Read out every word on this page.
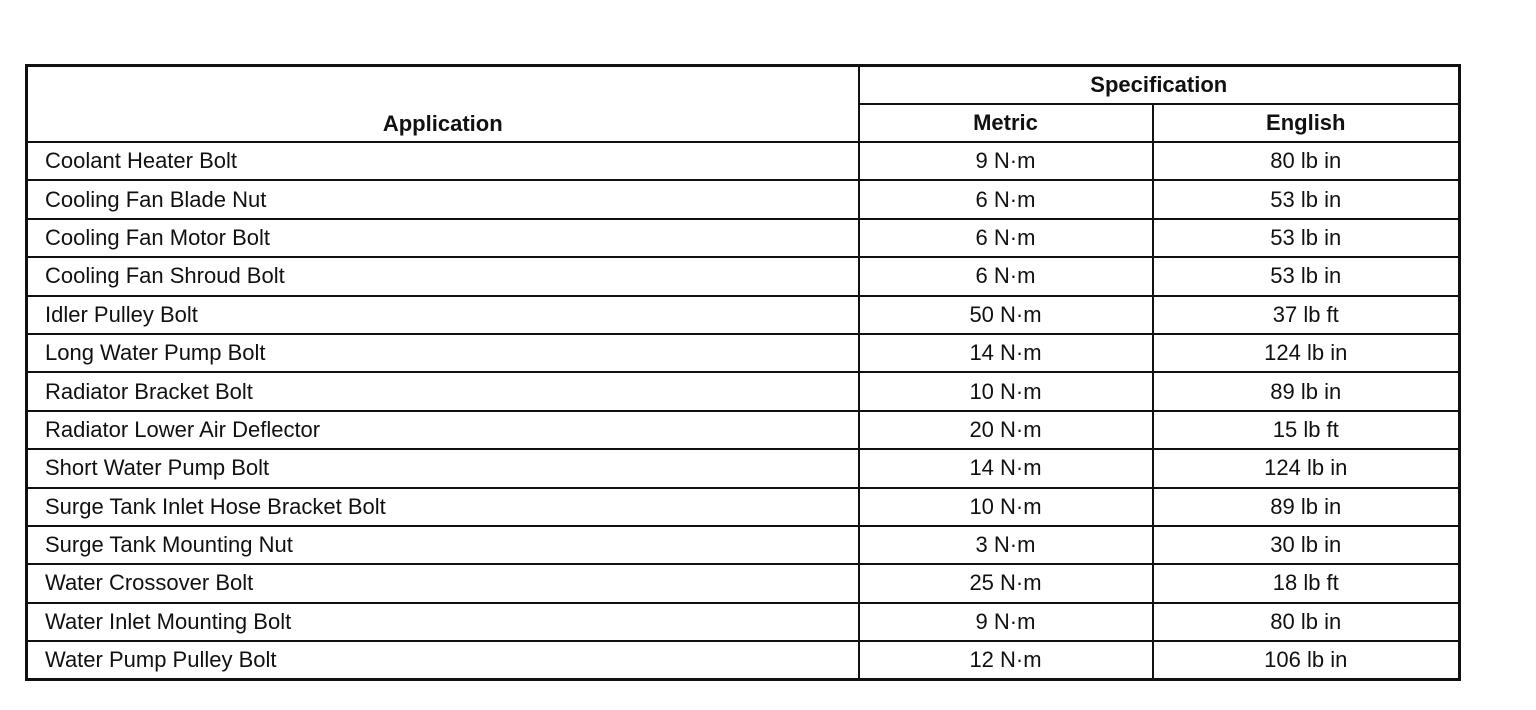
Application	Specification	
	Metric	English
Coolant Heater Bolt	9 N·m	80 lb in
Cooling Fan Blade Nut	6 N·m	53 lb in
Cooling Fan Motor Bolt	6 N·m	53 lb in
Cooling Fan Shroud Bolt	6 N·m	53 lb in
Idler Pulley Bolt	50 N·m	37 lb ft
Long Water Pump Bolt	14 N·m	124 lb in
Radiator Bracket Bolt	10 N·m	89 lb in
Radiator Lower Air Deflector	20 N·m	15 lb ft
Short Water Pump Bolt	14 N·m	124 lb in
Surge Tank Inlet Hose Bracket Bolt	10 N·m	89 lb in
Surge Tank Mounting Nut	3 N·m	30 lb in
Water Crossover Bolt	25 N·m	18 lb ft
Water Inlet Mounting Bolt	9 N·m	80 lb in
Water Pump Pulley Bolt	12 N·m	106 lb in
